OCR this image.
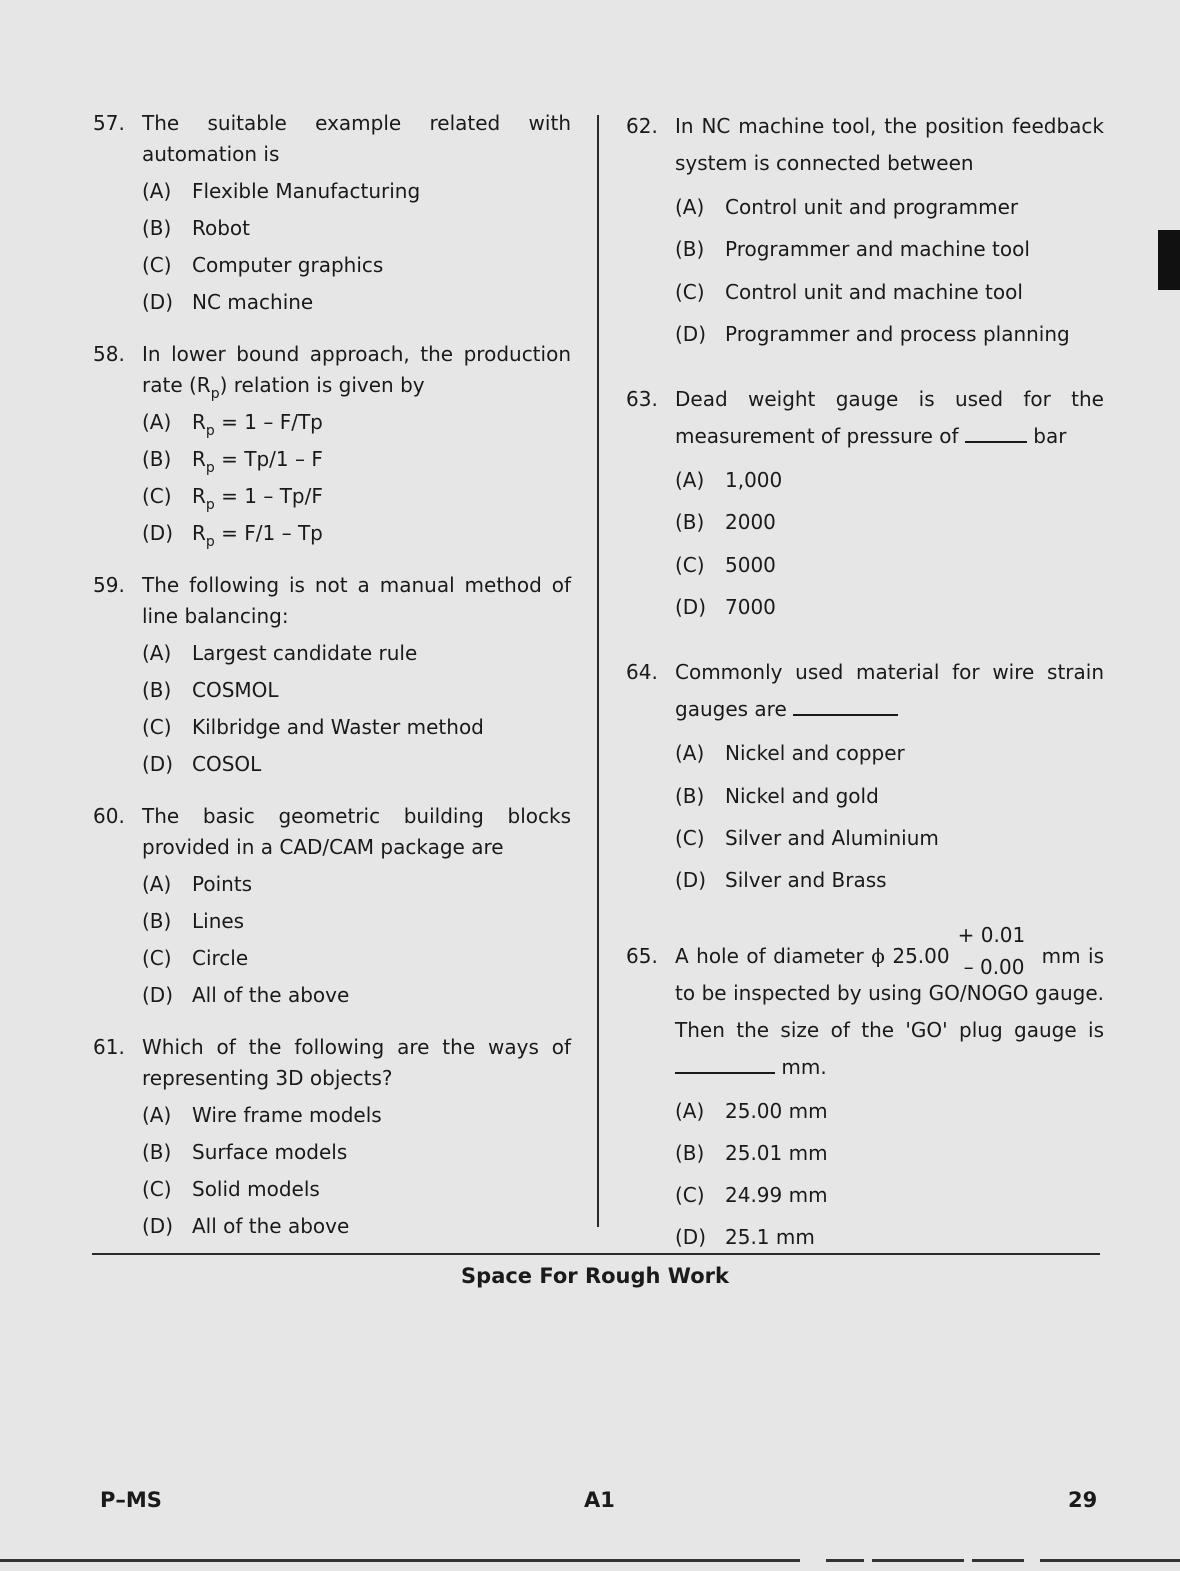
57. The suitable example related with automation is
(A) Flexible Manufacturing
(B) Robot
(C) Computer graphics
(D) NC machine
58. In lower bound approach, the production rate $(R_p)$ relation is given by
(A) $R_p = 1 - F/Tp$
(B) $R_p = Tp/1 - F$
(C) $R_p = 1 - Tp/F$
(D) $R_p = F/1 - Tp$
59. The following is not a manual method of line balancing:
(A) Largest candidate rule
(B) COSMOL
(C) Kilbridge and Waster method
(D) COSOL
60. The basic geometric building blocks provided in a CAD/CAM package are
(A) Points
(B) Lines
(C) Circle
(D) All of the above
61. Which of the following are the ways of representing 3D objects?
(A) Wire frame models
(B) Surface models
(C) Solid models
(D) All of the above
62. In NC machine tool, the position feedback system is connected between
(A) Control unit and programmer
(B) Programmer and machine tool
(C) Control unit and machine tool
(D) Programmer and process planning
63. Dead weight gauge is used for the measurement of pressure of	bar
(A) 1,000
(B) 2000
(C) 5000
(D) 7000
64. Commonly used material for wire strain gauges are
(A) Nickel and copper
(B) Nickel and gold
(C) Silver and Aluminium
(D) Silver and Brass
65. A hole of diameter ϕ 25.00
+ 0.01
– 0.00 mm is to be inspected by using GO/NOGO gauge. Then the size of the 'GO' plug gauge is  mm.
(A) 25.00 mm
(B) 25.01 mm
(C) 24.99 mm
(D) 25.1 mm
Space For Rough Work
P–MS	A1	29
